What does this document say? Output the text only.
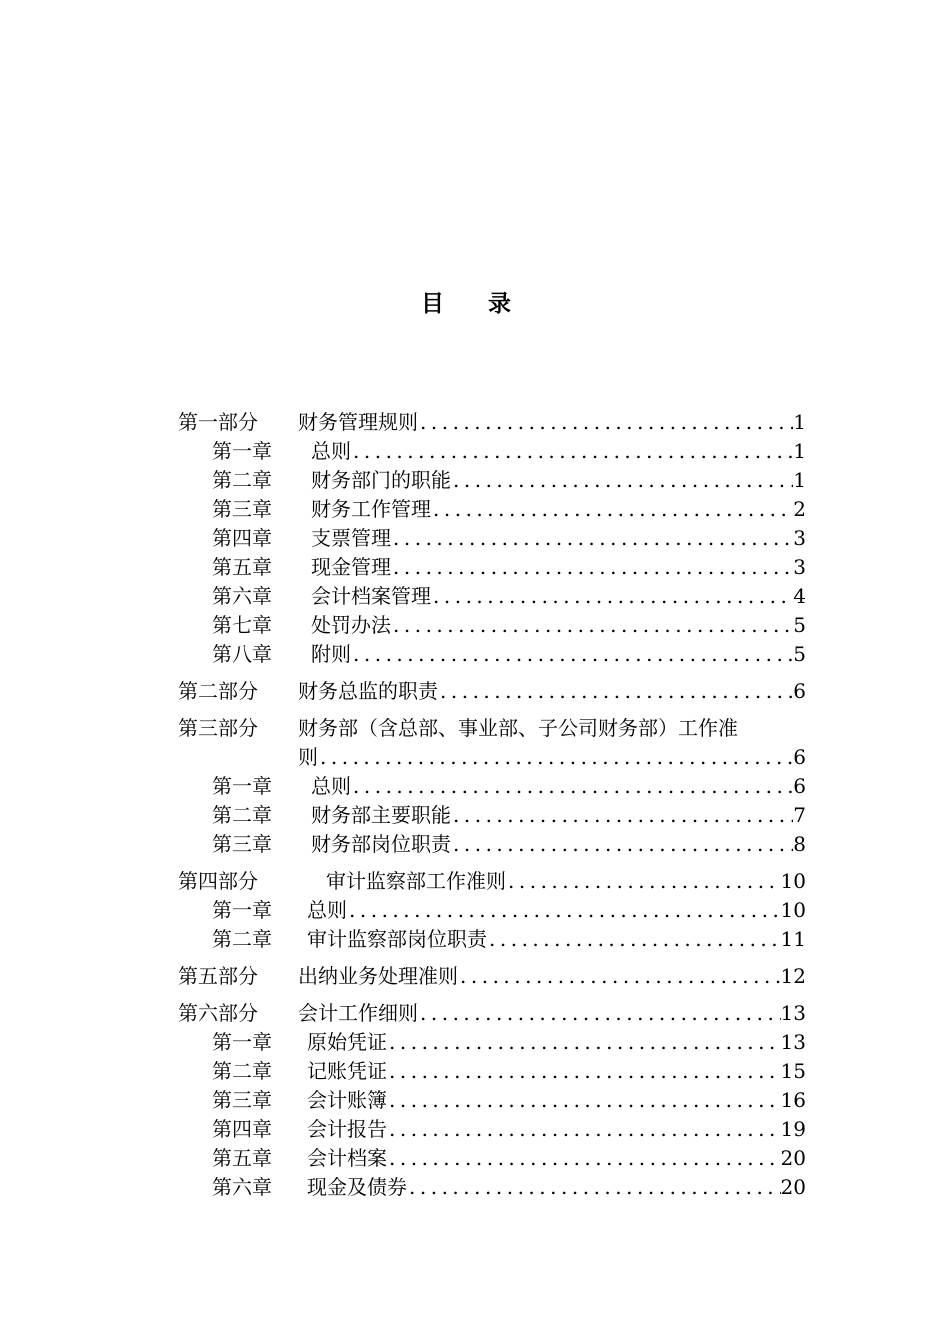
目 录
第一部分	财务管理规则 .....	1
第一章	总则 .....	1
第二章	财务部门的职能 .....	1
第三章	财务工作管理 .....	2
第四章	支票管理 .....	3
第五章	现金管理 .....	3
第六章	会计档案管理 .....	4
第七章	处罚办法 .....	5
第八章	附则 .....	5
第二部分	财务总监的职责 .....	6
第三部分	财务部（含总部、事业部、子公司财务部）工作准
则 .....	6
第一章	总则 .....	6
第二章	财务部主要职能 .....	7
第三章	财务部岗位职责 .....	8
第四部分	审计监察部工作准则 .....	10
第一章	总则 .....	10
第二章	审计监察部岗位职责 .....	11
第五部分	出纳业务处理准则 .....	12
第六部分	会计工作细则 .....	13
第一章	原始凭证 .....	13
第二章	记账凭证 .....	15
第三章	会计账簿 .....	16
第四章	会计报告 .....	19
第五章	会计档案 .....	20
第六章	现金及债券 .....	20
